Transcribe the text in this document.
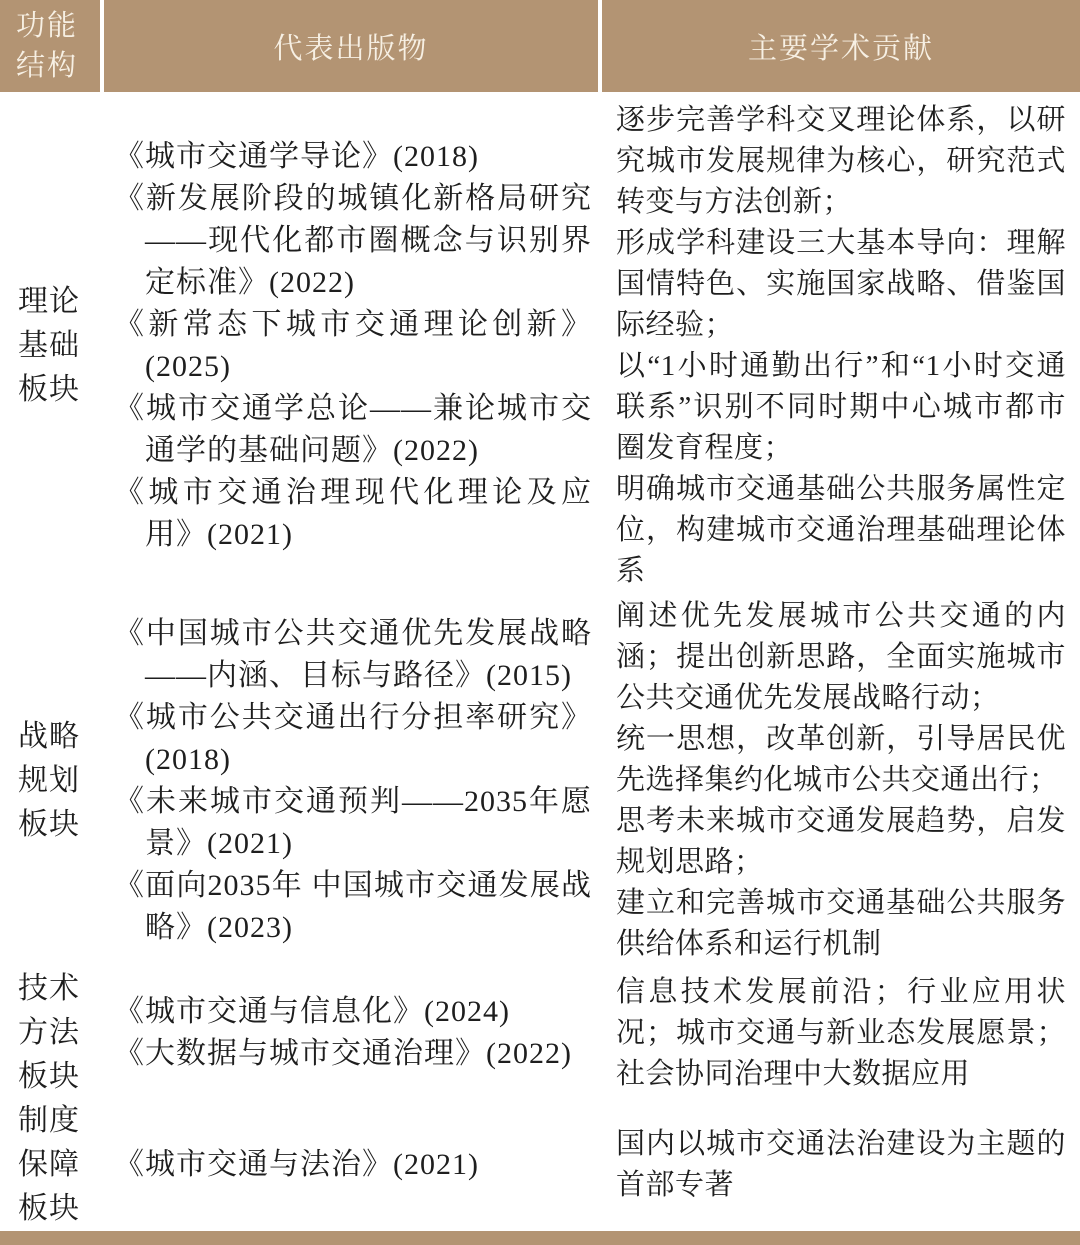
功能结构
代表出版物	主要学术贡献
理论基础板块
《城市交通学导论》(2018)
《新发展阶段的城镇化新格局研究——现代化都市圈概念与识别界定标准》(2022)
《新常态下城市交通理论创新》(2025)
《城市交通学总论——兼论城市交通学的基础问题》(2022)
《城市交通治理现代化理论及应用》(2021)
逐步完善学科交叉理论体系，以研究城市发展规律为核心，研究范式转变与方法创新；
形成学科建设三大基本导向：理解国情特色、实施国家战略、借鉴国际经验；
以“1小时通勤出行”和“1小时交通联系”识别不同时期中心城市都市圈发育程度；
明确城市交通基础公共服务属性定位，构建城市交通治理基础理论体系
战略规划板块
《中国城市公共交通优先发展战略——内涵、目标与路径》(2015)
《城市公共交通出行分担率研究》(2018)
《未来城市交通预判——2035年愿景》(2021)
《面向2035年 中国城市交通发展战略》(2023)
阐述优先发展城市公共交通的内涵；提出创新思路，全面实施城市公共交通优先发展战略行动；
统一思想，改革创新，引导居民优先选择集约化城市公共交通出行；
思考未来城市交通发展趋势，启发规划思路；
建立和完善城市交通基础公共服务供给体系和运行机制
技术方法板块
《城市交通与信息化》(2024)
《大数据与城市交通治理》(2022)
信息技术发展前沿；行业应用状况；城市交通与新业态发展愿景；社会协同治理中大数据应用
制度保障板块
《城市交通与法治》(2021)
国内以城市交通法治建设为主题的首部专著
